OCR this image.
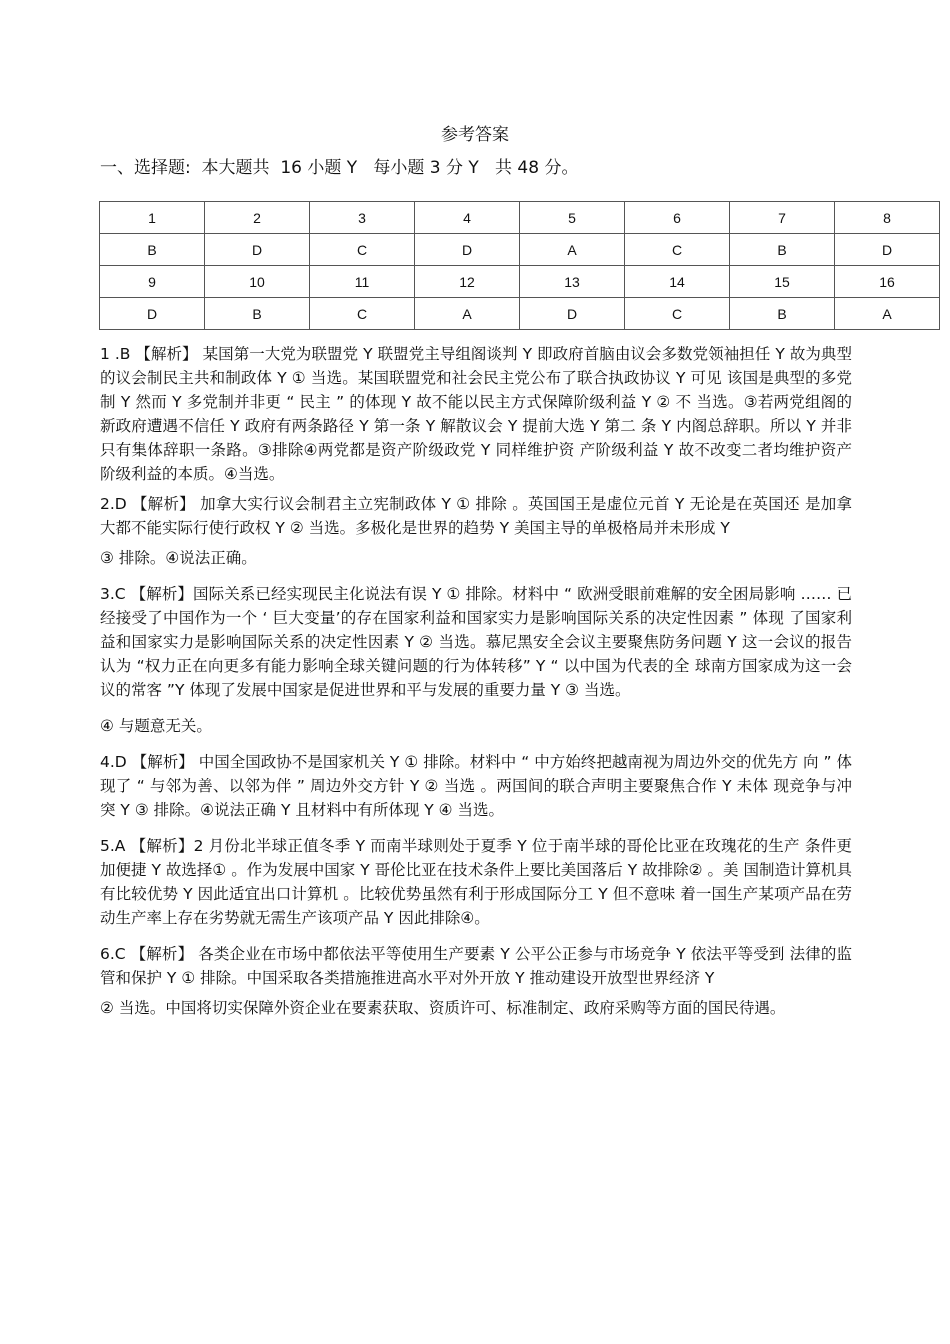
参考答案
一、选择题:  本大题共  16 小题 Y   每小题 3 分 Y   共 48 分。
1	2	3	4	5	6	7	8
B	D	C	D	A	C	B	D
9	10	11	12	13	14	15	16
D	B	C	A	D	C	B	A

1 .B 【解析】 某国第一大党为联盟党 Y 联盟党主导组阁谈判 Y 即政府首脑由议会多数党领袖担任 Y 故为典型的议会制民主共和制政体 Y ① 当选。某国联盟党和社会民主党公布了联合执政协议 Y 可见 该国是典型的多党制 Y 然而 Y 多党制并非更 “ 民主 ” 的体现 Y 故不能以民主方式保障阶级利益 Y ② 不 当选。③若两党组阁的新政府遭遇不信任 Y 政府有两条路径 Y 第一条 Y 解散议会 Y 提前大选 Y 第二 条 Y 内阁总辞职。所以 Y 并非只有集体辞职一条路。③排除④两党都是资产阶级政党 Y 同样维护资 产阶级利益 Y 故不改变二者均维护资产阶级利益的本质。④当选。

2.D 【解析】 加拿大实行议会制君主立宪制政体 Y ① 排除 。英国国王是虚位元首 Y 无论是在英国还 是加拿大都不能实际行使行政权 Y ② 当选。多极化是世界的趋势 Y 美国主导的单极格局并未形成 Y

③ 排除。④说法正确。

3.C 【解析】国际关系已经实现民主化说法有误 Y ① 排除。材料中 “ 欧洲受眼前难解的安全困局影响 …… 已经接受了中国作为一个 ‘ 巨大变量’的存在国家利益和国家实力是影响国际关系的决定性因素 ” 体现 了国家利益和国家实力是影响国际关系的决定性因素 Y ② 当选。慕尼黑安全会议主要聚焦防务问题 Y 这一会议的报告认为 “权力正在向更多有能力影响全球关键问题的行为体转移” Y “ 以中国为代表的全 球南方国家成为这一会议的常客 ”Y 体现了发展中国家是促进世界和平与发展的重要力量 Y ③ 当选。

④ 与题意无关。

4.D 【解析】 中国全国政协不是国家机关 Y ① 排除。材料中 “ 中方始终把越南视为周边外交的优先方 向 ” 体现了 “ 与邻为善、以邻为伴 ” 周边外交方针 Y ② 当选 。两国间的联合声明主要聚焦合作 Y 未体 现竞争与冲突 Y ③ 排除。④说法正确 Y 且材料中有所体现 Y ④ 当选。

5.A 【解析】2 月份北半球正值冬季 Y 而南半球则处于夏季 Y 位于南半球的哥伦比亚在玫瑰花的生产 条件更加便捷 Y 故选择① 。作为发展中国家 Y 哥伦比亚在技术条件上要比美国落后 Y 故排除② 。美 国制造计算机具有比较优势 Y 因此适宜出口计算机 。比较优势虽然有利于形成国际分工 Y 但不意味 着一国生产某项产品在劳动生产率上存在劣势就无需生产该项产品 Y 因此排除④。

6.C 【解析】 各类企业在市场中都依法平等使用生产要素 Y 公平公正参与市场竞争 Y 依法平等受到 法律的监管和保护 Y ① 排除。中国采取各类措施推进高水平对外开放 Y 推动建设开放型世界经济 Y

② 当选。中国将切实保障外资企业在要素获取、资质许可、标准制定、政府采购等方面的国民待遇。
